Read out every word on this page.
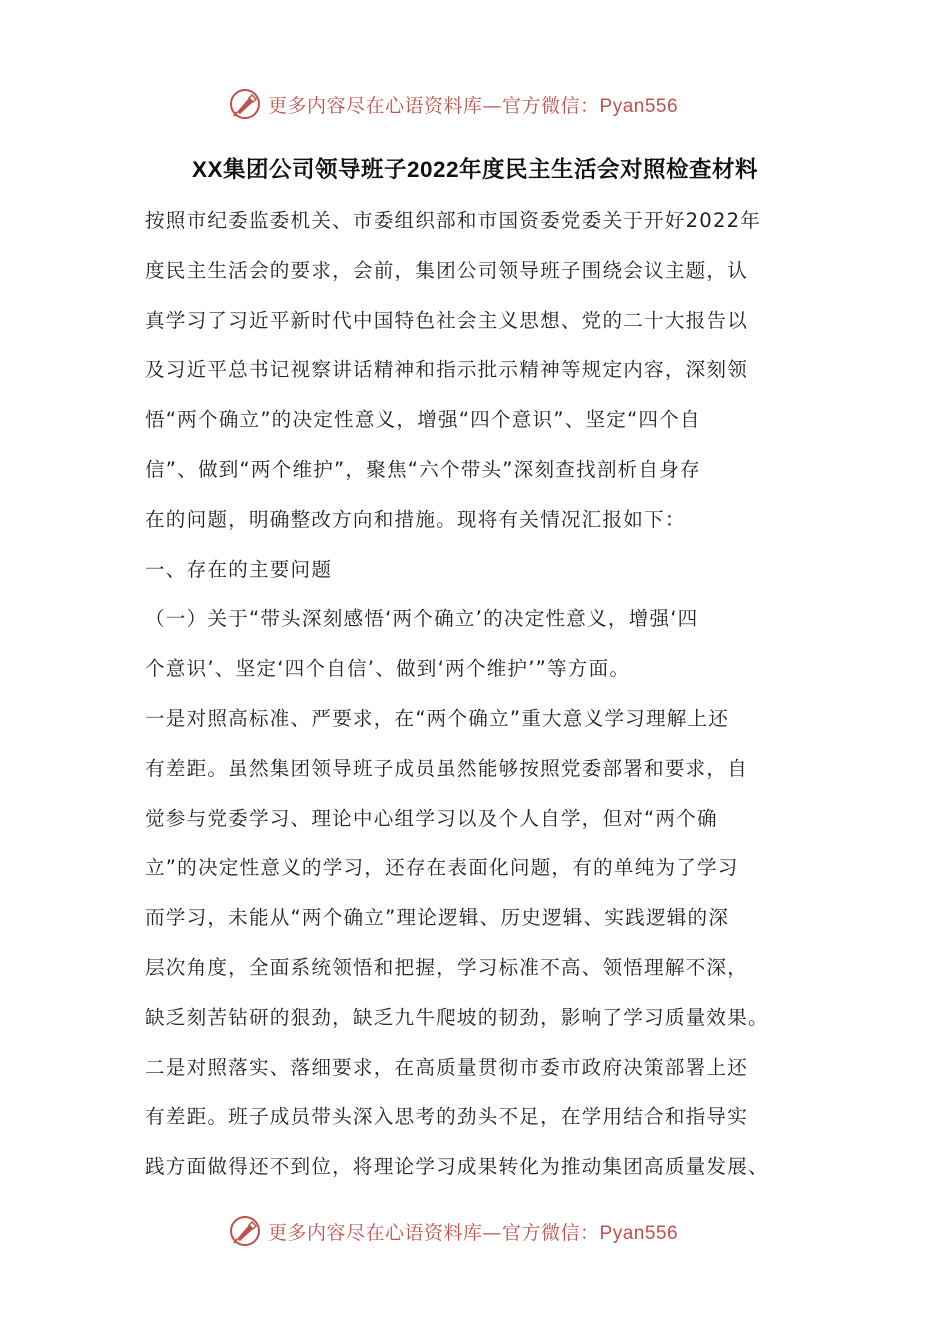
更多内容尽在心语资料库—官方微信：Pyan556
XX集团公司领导班子2022年度民主生活会对照检查材料
按照市纪委监委机关、市委组织部和市国资委党委关于开好2022年
度民主生活会的要求，会前，集团公司领导班子围绕会议主题，认
真学习了习近平新时代中国特色社会主义思想、党的二十大报告以
及习近平总书记视察讲话精神和指示批示精神等规定内容，深刻领
悟“两个确立”的决定性意义，增强“四个意识”、坚定“四个自
信”、做到“两个维护”，聚焦“六个带头”深刻查找剖析自身存
在的问题，明确整改方向和措施。现将有关情况汇报如下：
一、存在的主要问题
（一）关于“带头深刻感悟‘两个确立’的决定性意义，增强‘四
个意识’、坚定‘四个自信’、做到‘两个维护’”等方面。
一是对照高标准、严要求，在“两个确立”重大意义学习理解上还
有差距。虽然集团领导班子成员虽然能够按照党委部署和要求，自
觉参与党委学习、理论中心组学习以及个人自学，但对“两个确
立”的决定性意义的学习，还存在表面化问题，有的单纯为了学习
而学习，未能从“两个确立”理论逻辑、历史逻辑、实践逻辑的深
层次角度，全面系统领悟和把握，学习标准不高、领悟理解不深，
缺乏刻苦钻研的狠劲，缺乏九牛爬坡的韧劲，影响了学习质量效果。
二是对照落实、落细要求，在高质量贯彻市委市政府决策部署上还
有差距。班子成员带头深入思考的劲头不足，在学用结合和指导实
践方面做得还不到位，将理论学习成果转化为推动集团高质量发展、
更多内容尽在心语资料库—官方微信：Pyan556
